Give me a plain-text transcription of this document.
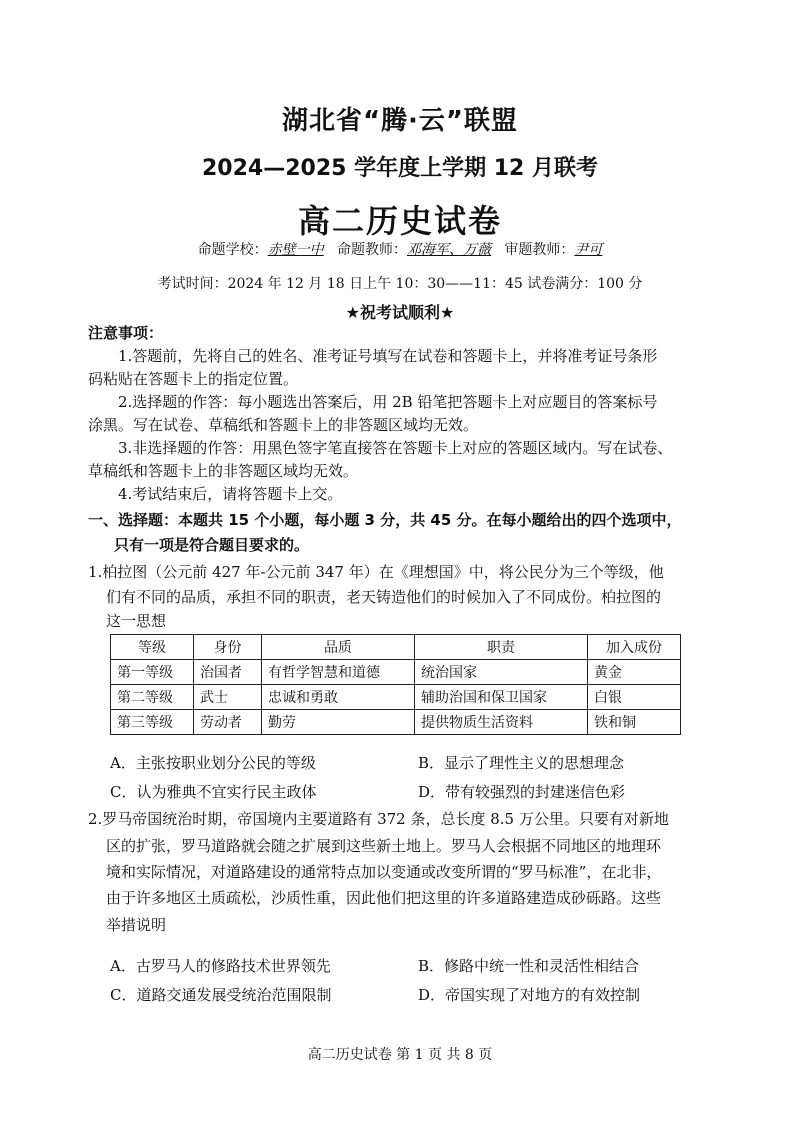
湖北省“腾·云”联盟
2024—2025 学年度上学期 12 月联考
高二历史试卷
命题学校：赤壁一中 命题教师：邓海军、万薇 审题教师：尹可
考试时间：2024 年 12 月 18 日上午 10：30——11：45 试卷满分：100 分
★祝考试顺利★
注意事项：
1.答题前，先将自己的姓名、准考证号填写在试卷和答题卡上，并将准考证号条形
码粘贴在答题卡上的指定位置。
2.选择题的作答：每小题选出答案后，用 2B 铅笔把答题卡上对应题目的答案标号
涂黑。写在试卷、草稿纸和答题卡上的非答题区域均无效。
3.非选择题的作答：用黑色签字笔直接答在答题卡上对应的答题区域内。写在试卷、
草稿纸和答题卡上的非答题区域均无效。
4.考试结束后，请将答题卡上交。
一、选择题：本题共 15 个小题，每小题 3 分，共 45 分。在每小题给出的四个选项中，
只有一项是符合题目要求的。
1.柏拉图（公元前 427 年-公元前 347 年）在《理想国》中，将公民分为三个等级，他
们有不同的品质，承担不同的职责，老天铸造他们的时候加入了不同成份。柏拉图的
这一思想
等级	身份	品质	职责	加入成份
第一等级	治国者	有哲学智慧和道德	统治国家	黄金
第二等级	武士	忠诚和勇敢	辅助治国和保卫国家	白银
第三等级	劳动者	勤劳	提供物质生活资料	铁和铜
A．主张按职业划分公民的等级	B．显示了理性主义的思想理念
C．认为雅典不宜实行民主政体	D．带有较强烈的封建迷信色彩
2.罗马帝国统治时期，帝国境内主要道路有 372 条，总长度 8.5 万公里。只要有对新地
区的扩张，罗马道路就会随之扩展到这些新土地上。罗马人会根据不同地区的地理环
境和实际情况，对道路建设的通常特点加以变通或改变所谓的“罗马标准”，在北非，
由于许多地区土质疏松，沙质性重，因此他们把这里的许多道路建造成砂砾路。这些
举措说明
A．古罗马人的修路技术世界领先	B．修路中统一性和灵活性相结合
C．道路交通发展受统治范围限制	D．帝国实现了对地方的有效控制
高二历史试卷 第 1 页 共 8 页
